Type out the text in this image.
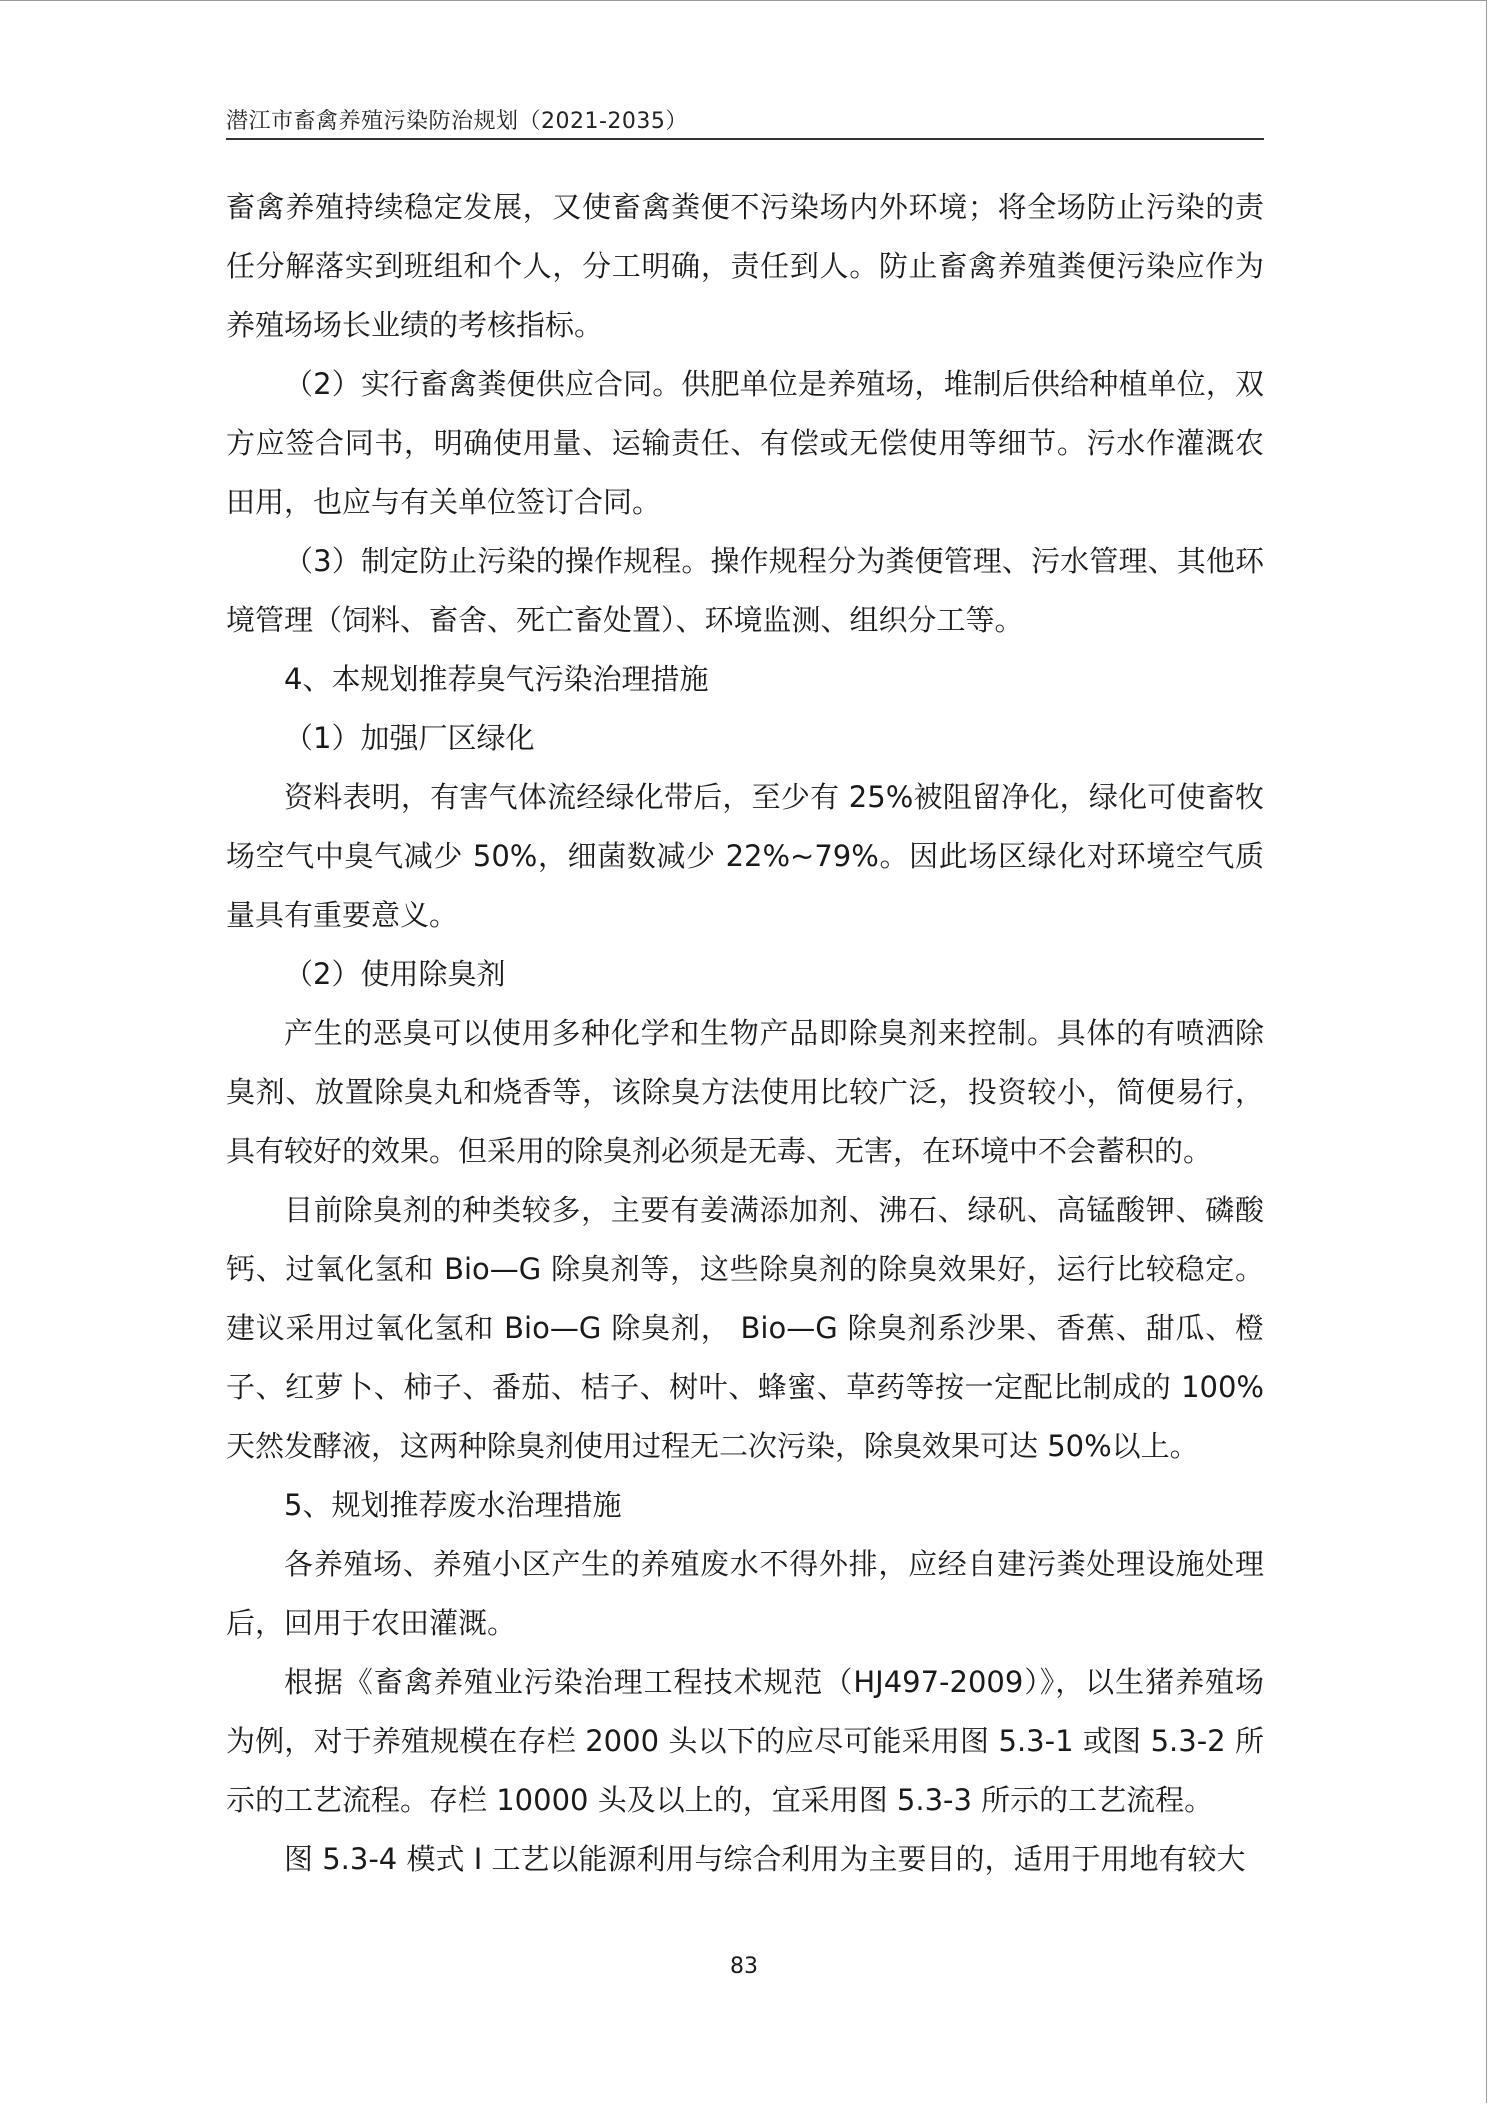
潜江市畜禽养殖污染防治规划（2021-2035）

畜禽养殖持续稳定发展，又使畜禽粪便不污染场内外环境；将全场防止污染的责任分解落实到班组和个人，分工明确，责任到人。防止畜禽养殖粪便污染应作为养殖场场长业绩的考核指标。

（2）实行畜禽粪便供应合同。供肥单位是养殖场，堆制后供给种植单位，双方应签合同书，明确使用量、运输责任、有偿或无偿使用等细节。污水作灌溉农田用，也应与有关单位签订合同。

（3）制定防止污染的操作规程。操作规程分为粪便管理、污水管理、其他环境管理（饲料、畜舍、死亡畜处置）、环境监测、组织分工等。

4、本规划推荐臭气污染治理措施

（1）加强厂区绿化

资料表明，有害气体流经绿化带后，至少有 25%被阻留净化，绿化可使畜牧场空气中臭气减少 50%，细菌数减少 22%~79%。因此场区绿化对环境空气质量具有重要意义。

（2）使用除臭剂

产生的恶臭可以使用多种化学和生物产品即除臭剂来控制。具体的有喷洒除臭剂、放置除臭丸和烧香等，该除臭方法使用比较广泛，投资较小，简便易行，具有较好的效果。但采用的除臭剂必须是无毒、无害，在环境中不会蓄积的。

目前除臭剂的种类较多，主要有姜满添加剂、沸石、绿矾、高锰酸钾、磷酸钙、过氧化氢和 Bio—G 除臭剂等，这些除臭剂的除臭效果好，运行比较稳定。建议采用过氧化氢和 Bio—G 除臭剂， Bio—G 除臭剂系沙果、香蕉、甜瓜、橙子、红萝卜、柿子、番茄、桔子、树叶、蜂蜜、草药等按一定配比制成的 100%天然发酵液，这两种除臭剂使用过程无二次污染，除臭效果可达 50%以上。

5、规划推荐废水治理措施

各养殖场、养殖小区产生的养殖废水不得外排，应经自建污粪处理设施处理后，回用于农田灌溉。

根据《畜禽养殖业污染治理工程技术规范（HJ497-2009）》，以生猪养殖场为例，对于养殖规模在存栏 2000 头以下的应尽可能采用图 5.3-1 或图 5.3-2 所示的工艺流程。存栏 10000 头及以上的，宜采用图 5.3-3 所示的工艺流程。

图 5.3-4 模式 I 工艺以能源利用与综合利用为主要目的，适用于用地有较大

83
